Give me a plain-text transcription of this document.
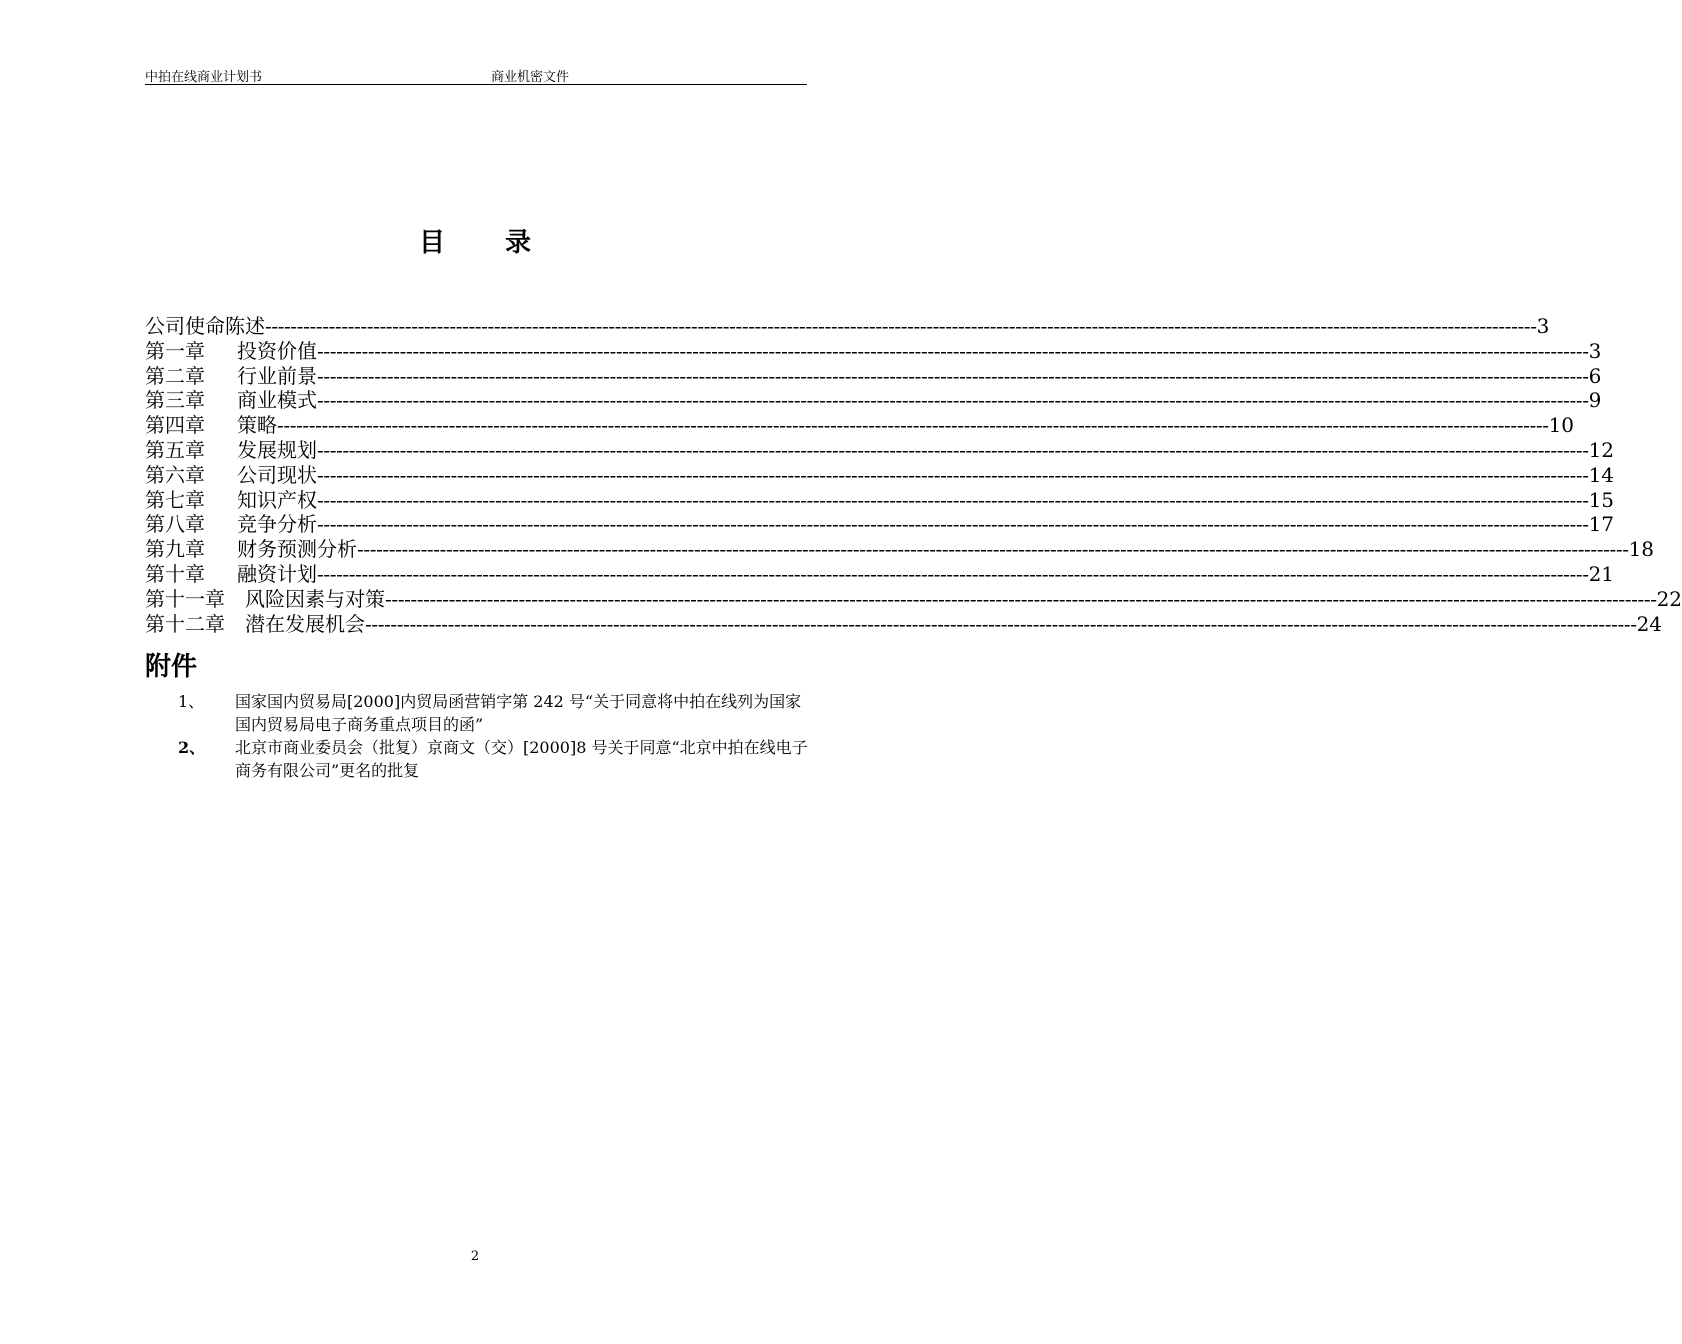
中拍在线商业计划书	商业机密文件
目 录
公司使命陈述 -------------------------------------------------------------------------------------------------------------------------------------------------------------------------------------------------------- 3
第一章 投资价值 -------------------------------------------------------------------------------------------------------------------------------------------------------------------------------------------------------- 3
第二章 行业前景 -------------------------------------------------------------------------------------------------------------------------------------------------------------------------------------------------------- 6
第三章 商业模式 -------------------------------------------------------------------------------------------------------------------------------------------------------------------------------------------------------- 9
第四章 策略 -------------------------------------------------------------------------------------------------------------------------------------------------------------------------------------------------------- 10
第五章 发展规划 -------------------------------------------------------------------------------------------------------------------------------------------------------------------------------------------------------- 12
第六章 公司现状 -------------------------------------------------------------------------------------------------------------------------------------------------------------------------------------------------------- 14
第七章 知识产权 -------------------------------------------------------------------------------------------------------------------------------------------------------------------------------------------------------- 15
第八章 竞争分析 -------------------------------------------------------------------------------------------------------------------------------------------------------------------------------------------------------- 17
第九章 财务预测分析 -------------------------------------------------------------------------------------------------------------------------------------------------------------------------------------------------------- 18
第十章 融资计划 -------------------------------------------------------------------------------------------------------------------------------------------------------------------------------------------------------- 21
第十一章 风险因素与对策 -------------------------------------------------------------------------------------------------------------------------------------------------------------------------------------------------------- 22
第十二章 潜在发展机会 -------------------------------------------------------------------------------------------------------------------------------------------------------------------------------------------------------- 24
附件
1、	国家国内贸易局[2000]内贸局函营销字第 242 号“关于同意将中拍在线列为国家国内贸易局电子商务重点项目的函”
2、	北京市商业委员会（批复）京商文（交）[2000]8 号关于同意“北京中拍在线电子商务有限公司”更名的批复
2
